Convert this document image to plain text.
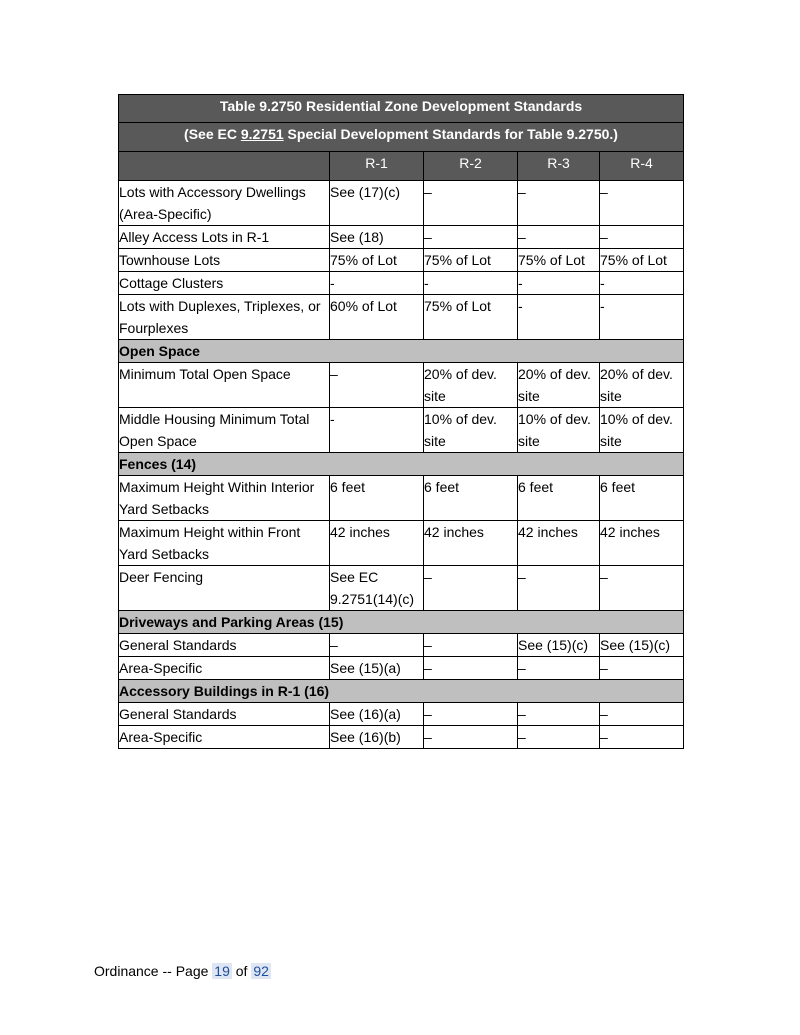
Table 9.2750 Residential Zone Development Standards				
(See EC 9.2751 Special Development Standards for Table 9.2750.)				
	R-1	R-2	R-3	R-4
Lots with Accessory Dwellings (Area-Specific)	See (17)(c)	–	–	–
Alley Access Lots in R-1	See (18)	–	–	–
Townhouse Lots	75% of Lot	75% of Lot	75% of Lot	75% of Lot
Cottage Clusters	-	-	-	-
Lots with Duplexes, Triplexes, or Fourplexes	60% of Lot	75% of Lot	-	-
Open Space				
Minimum Total Open Space	–	20% of dev. site	20% of dev. site	20% of dev. site
Middle Housing Minimum Total Open Space	-	10% of dev. site	10% of dev. site	10% of dev. site
Fences (14)				
Maximum Height Within Interior Yard Setbacks	6 feet	6 feet	6 feet	6 feet
Maximum Height within Front Yard Setbacks	42 inches	42 inches	42 inches	42 inches
Deer Fencing	See EC 9.2751(14)(c)	–	–	–
Driveways and Parking Areas (15)				
General Standards	–	–	See (15)(c)	See (15)(c)
Area-Specific	See (15)(a)	–	–	–
Accessory Buildings in R-1 (16)				
General Standards	See (16)(a)	–	–	–
Area-Specific	See (16)(b)	–	–	–
Ordinance -- Page 19 of 92
